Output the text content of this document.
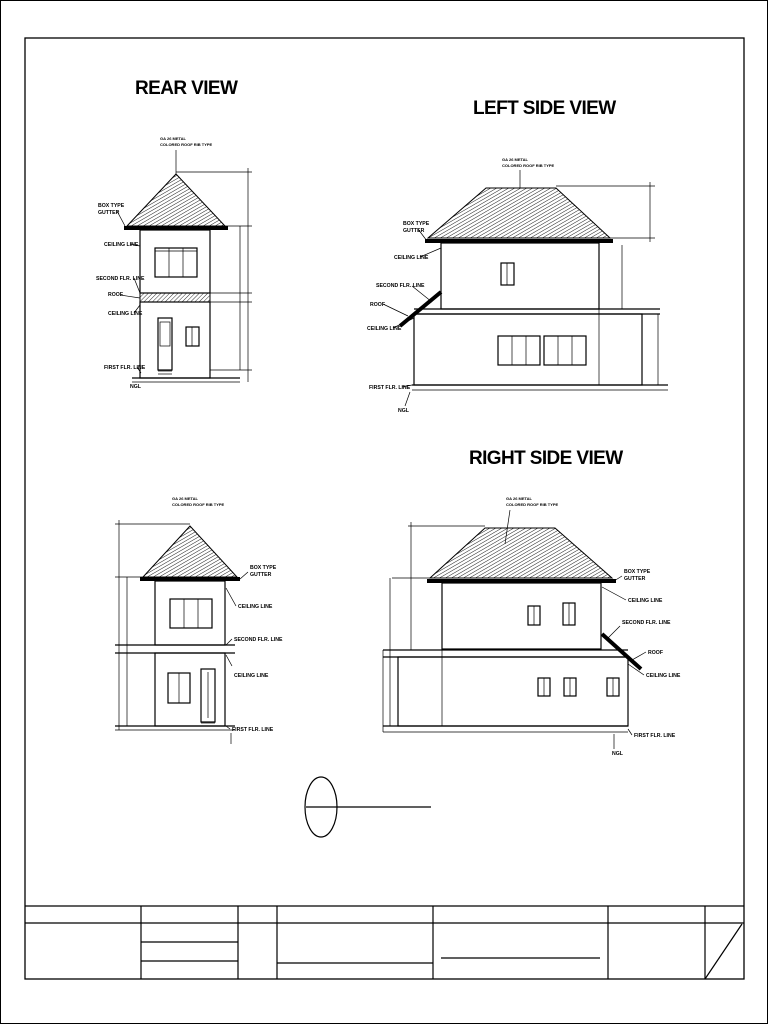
REAR VIEW
GA 26 METAL
COLORED ROOF RIB TYPE
BOX TYPE
GUTTER
CEILING LINE
SECOND FLR. LINE
ROOF
CEILING LINE
FIRST FLR. LINE
NGL
LEFT SIDE VIEW
GA 26 METAL
COLORED ROOF RIB TYPE
BOX TYPE
GUTTER
CEILING LINE
SECOND FLR. LINE
ROOF
CEILING LINE
FIRST FLR. LINE
NGL
GA 26 METAL
COLORED ROOF RIB TYPE
BOX TYPE
GUTTER
CEILING LINE
SECOND FLR. LINE
CEILING LINE
FIRST FLR. LINE
RIGHT SIDE VIEW
GA 26 METAL
COLORED ROOF RIB TYPE
BOX TYPE
GUTTER
CEILING LINE
SECOND FLR. LINE
ROOF
CEILING LINE
FIRST FLR. LINE
NGL
